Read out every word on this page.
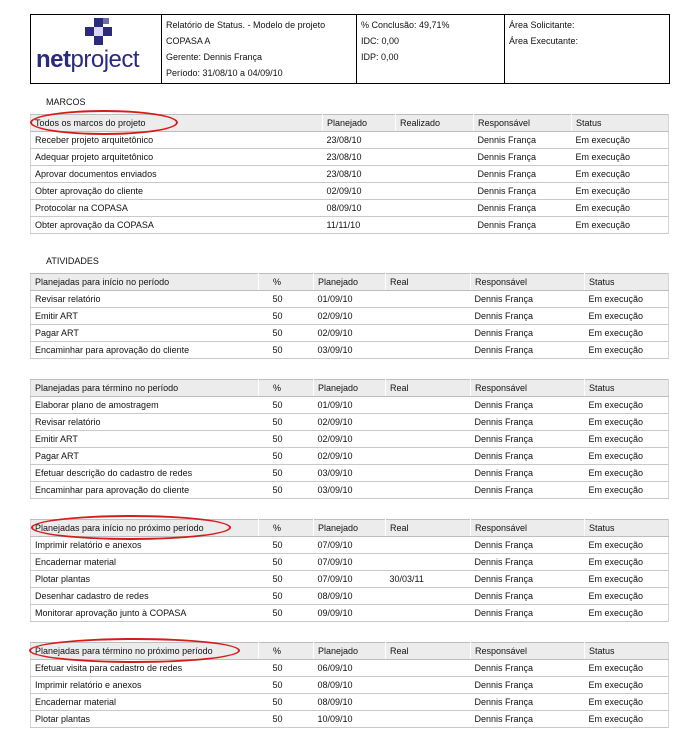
netproject
Relatório de Status. - Modelo de projeto
COPASA A
Gerente: Dennis França
Período: 31/08/10 a 04/09/10
% Conclusão: 49,71%
IDC: 0,00
IDP: 0,00
Área Solicitante:
Área Executante:
MARCOS
Todos os marcos do projeto	Planejado	Realizado	Responsável	Status
Receber projeto arquitetônico	23/08/10		Dennis França	Em execução
Adequar projeto arquitetônico	23/08/10		Dennis França	Em execução
Aprovar documentos enviados	23/08/10		Dennis França	Em execução
Obter aprovação do cliente	02/09/10		Dennis França	Em execução
Protocolar na COPASA	08/09/10		Dennis França	Em execução
Obter aprovação da COPASA	11/11/10		Dennis França	Em execução
ATIVIDADES
Planejadas para início no período	%	Planejado	Real	Responsável	Status
Revisar relatório	50	01/09/10		Dennis França	Em execução
Emitir ART	50	02/09/10		Dennis França	Em execução
Pagar ART	50	02/09/10		Dennis França	Em execução
Encaminhar para aprovação do cliente	50	03/09/10		Dennis França	Em execução
Planejadas para término no período	%	Planejado	Real	Responsável	Status
Elaborar plano de amostragem	50	01/09/10		Dennis França	Em execução
Revisar relatório	50	02/09/10		Dennis França	Em execução
Emitir ART	50	02/09/10		Dennis França	Em execução
Pagar ART	50	02/09/10		Dennis França	Em execução
Efetuar descrição do cadastro de redes	50	03/09/10		Dennis França	Em execução
Encaminhar para aprovação do cliente	50	03/09/10		Dennis França	Em execução
Planejadas para início no próximo período	%	Planejado	Real	Responsável	Status
Imprimir relatório e anexos	50	07/09/10		Dennis França	Em execução
Encadernar material	50	07/09/10		Dennis França	Em execução
Plotar plantas	50	07/09/10	30/03/11	Dennis França	Em execução
Desenhar cadastro de redes	50	08/09/10		Dennis França	Em execução
Monitorar aprovação junto à COPASA	50	09/09/10		Dennis França	Em execução
Planejadas para término no próximo período	%	Planejado	Real	Responsável	Status
Efetuar visita para cadastro de redes	50	06/09/10		Dennis França	Em execução
Imprimir relatório e anexos	50	08/09/10		Dennis França	Em execução
Encadernar material	50	08/09/10		Dennis França	Em execução
Plotar plantas	50	10/09/10		Dennis França	Em execução
